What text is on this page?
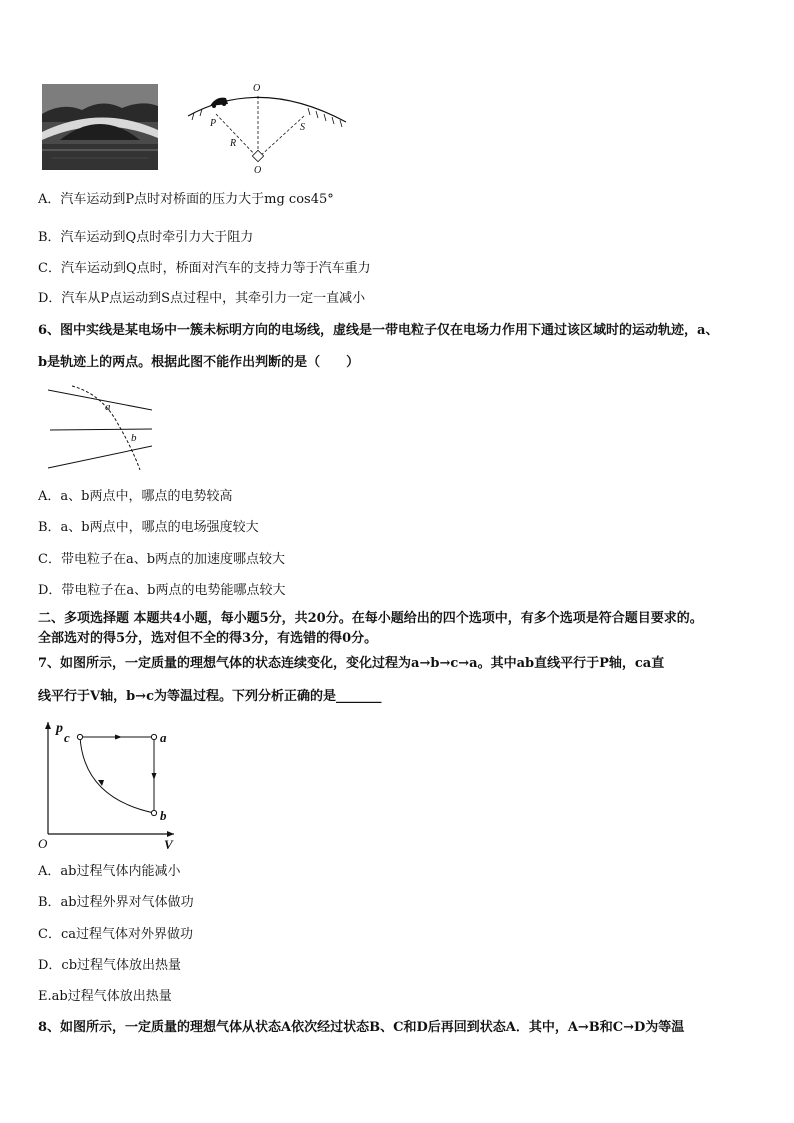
O
P
R
S
O
A．汽车运动到P点时对桥面的压力大于mg cos45°
B．汽车运动到Q点时牵引力大于阻力
C．汽车运动到Q点时，桥面对汽车的支持力等于汽车重力
D．汽车从P点运动到S点过程中，其牵引力一定一直减小
6、图中实线是某电场中一簇未标明方向的电场线，虚线是一带电粒子仅在电场力作用下通过该区域时的运动轨迹，a、
b是轨迹上的两点。根据此图不能作出判断的是（　　）
a
b
A．a、b两点中，哪点的电势较高
B．a、b两点中，哪点的电场强度较大
C．带电粒子在a、b两点的加速度哪点较大
D．带电粒子在a、b两点的电势能哪点较大
二、多项选择题 本题共4小题，每小题5分，共20分。在每小题给出的四个选项中，有多个选项是符合题目要求的。
全部选对的得5分，选对但不全的得3分，有选错的得0分。
7、如图所示，一定质量的理想气体的状态连续变化，变化过程为a→b→c→a。其中ab直线平行于P轴，ca直
线平行于V轴，b→c为等温过程。下列分析正确的是_______
p
c	a
b
O	V
A．ab过程气体内能减小
B．ab过程外界对气体做功
C．ca过程气体对外界做功
D．cb过程气体放出热量
E.ab过程气体放出热量
8、如图所示，一定质量的理想气体从状态A依次经过状态B、C和D后再回到状态A．其中，A→B和C→D为等温
